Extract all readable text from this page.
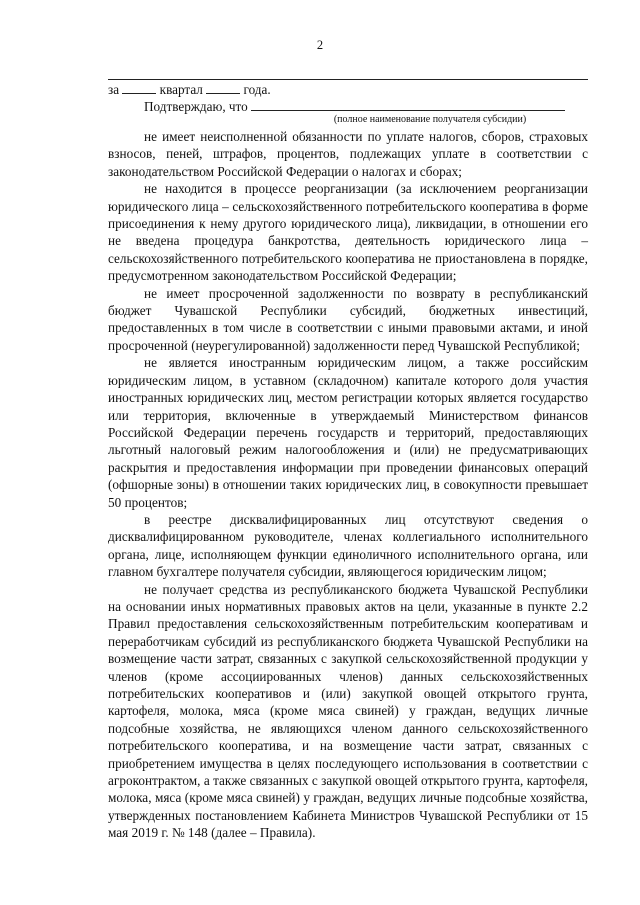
2
за	квартал	года.
Подтверждаю, что
(полное наименование получателя субсидии)

не имеет неисполненной обязанности по уплате налогов, сборов, страховых взносов, пеней, штрафов, процентов, подлежащих уплате в соответствии с законодательством Российской Федерации о налогах и сборах;

не находится в процессе реорганизации (за исключением реорганизации юридического лица – сельскохозяйственного потребительского кооператива в форме присоединения к нему другого юридического лица), ликвидации, в отношении его не введена процедура банкротства, деятельность юридического лица – сельскохозяйственного потребительского кооператива не приостановлена в порядке, предусмотренном законодательством Российской Федерации;

не имеет просроченной задолженности по возврату в республиканский бюджет Чувашской Республики субсидий, бюджетных инвестиций, предоставленных в том числе в соответствии с иными правовыми актами, и иной просроченной (неурегулированной) задолженности перед Чувашской Республикой;

не является иностранным юридическим лицом, а также российским юридическим лицом, в уставном (складочном) капитале которого доля участия иностранных юридических лиц, местом регистрации которых является государство или территория, включенные в утверждаемый Министерством финансов Российской Федерации перечень государств и территорий, предоставляющих льготный налоговый режим налогообложения и (или) не предусматривающих раскрытия и предоставления информации при проведении финансовых операций (офшорные зоны) в отношении таких юридических лиц, в совокупности превышает 50 процентов;

в реестре дисквалифицированных лиц отсутствуют сведения о дисквалифицированном руководителе, членах коллегиального исполнительного органа, лице, исполняющем функции единоличного исполнительного органа, или главном бухгалтере получателя субсидии, являющегося юридическим лицом;

не получает средства из республиканского бюджета Чувашской Республики на основании иных нормативных правовых актов на цели, указанные в пункте 2.2 Правил предоставления сельскохозяйственным потребительским кооперативам и переработчикам субсидий из республиканского бюджета Чувашской Республики на возмещение части затрат, связанных с закупкой сельскохозяйственной продукции у членов (кроме ассоциированных членов) данных сельскохозяйственных потребительских кооперативов и (или) закупкой овощей открытого грунта, картофеля, молока, мяса (кроме мяса свиней) у граждан, ведущих личные подсобные хозяйства, не являющихся членом данного сельскохозяйственного потребительского кооператива, и на возмещение части затрат, связанных с приобретением имущества в целях последующего использования в соответствии с агроконтрактом, а также связанных с закупкой овощей открытого грунта, картофеля, молока, мяса (кроме мяса свиней) у граждан, ведущих личные подсобные хозяйства, утвержденных постановлением Кабинета Министров Чувашской Республики от 15 мая 2019 г. № 148 (далее – Правила).
